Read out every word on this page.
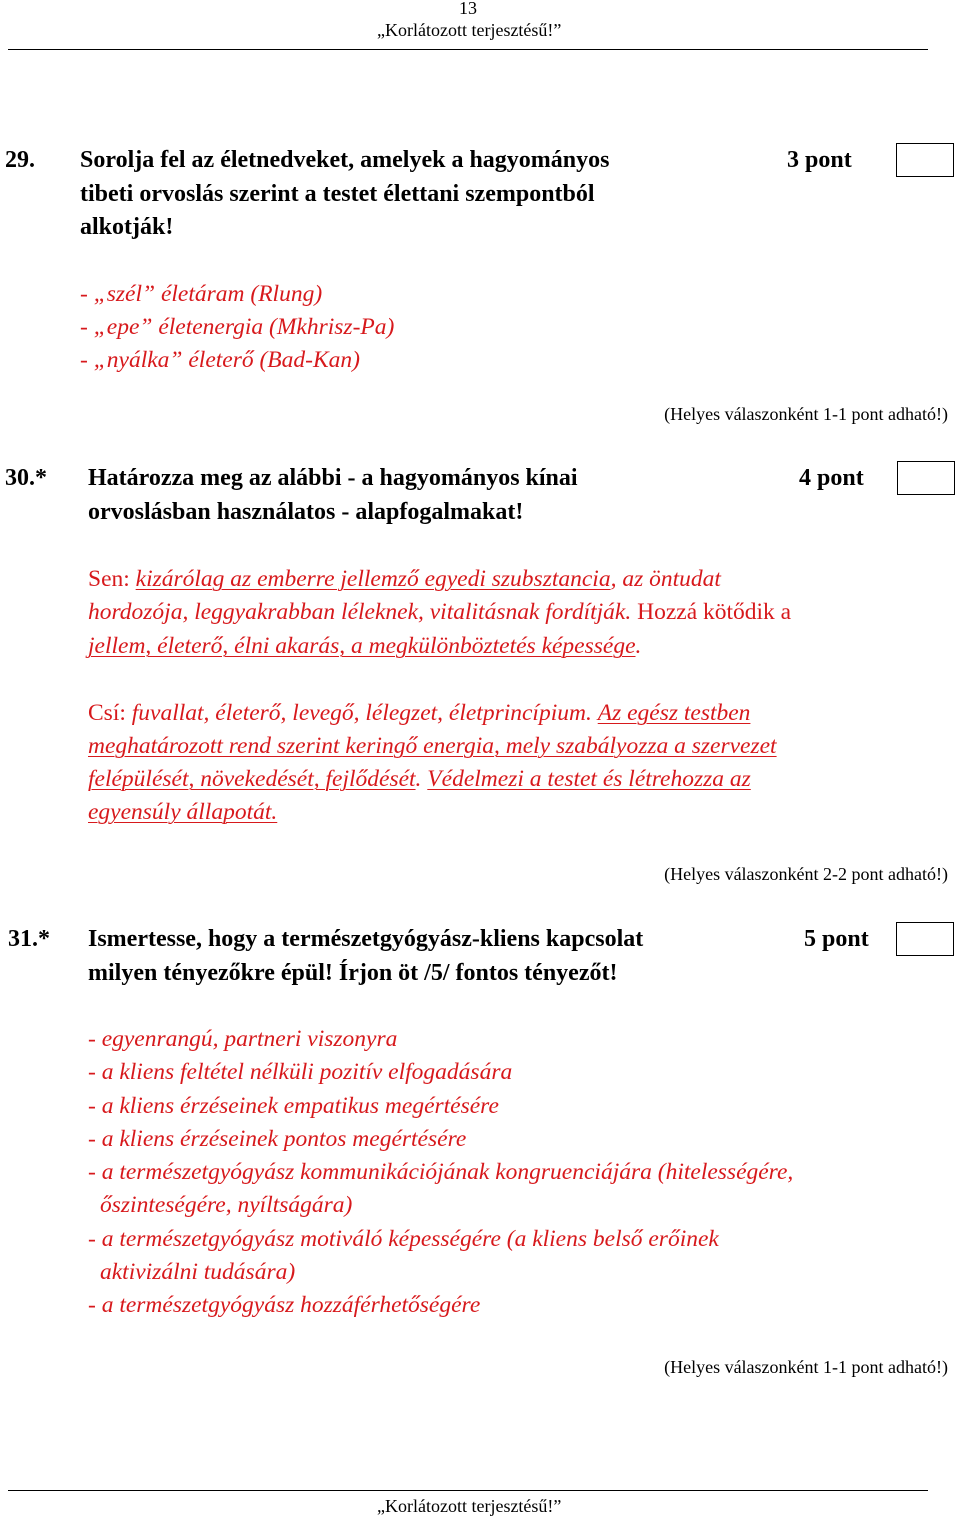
13
„Korlátozott terjesztésű!”
29. Sorolja fel az életnedveket, amelyek a hagyományos
tibeti orvoslás szerint a testet élettani szempontból
alkotják!
3 pont
- „szél” életáram (Rlung)
- „epe” életenergia (Mkhrisz-Pa)
- „nyálka” életerő (Bad-Kan)
(Helyes válaszonként 1-1 pont adható!)
30.* Határozza meg az alábbi - a hagyományos kínai
orvoslásban használatos - alapfogalmakat!
4 pont
Sen: kizárólag az emberre jellemző egyedi szubsztancia, az öntudat
hordozója, leggyakrabban léleknek, vitalitásnak fordítják. Hozzá kötődik a
jellem, életerő, élni akarás, a megkülönböztetés képessége.
Csí: fuvallat, életerő, levegő, lélegzet, életprincípium. Az egész testben
meghatározott rend szerint keringő energia, mely szabályozza a szervezet
felépülését, növekedését, fejlődését. Védelmezi a testet és létrehozza az
egyensúly állapotát.
(Helyes válaszonként 2-2 pont adható!)
31.* Ismertesse, hogy a természetgyógyász-kliens kapcsolat
milyen tényezőkre épül! Írjon öt /5/ fontos tényezőt!
5 pont
- egyenrangú, partneri viszonyra
- a kliens feltétel nélküli pozitív elfogadására
- a kliens érzéseinek empatikus megértésére
- a kliens érzéseinek pontos megértésére
- a természetgyógyász kommunikációjának kongruenciájára (hitelességére,
őszinteségére, nyíltságára)
- a természetgyógyász motiváló képességére (a kliens belső erőinek
aktivizálni tudására)
- a természetgyógyász hozzáférhetőségére
(Helyes válaszonként 1-1 pont adható!)
„Korlátozott terjesztésű!”
